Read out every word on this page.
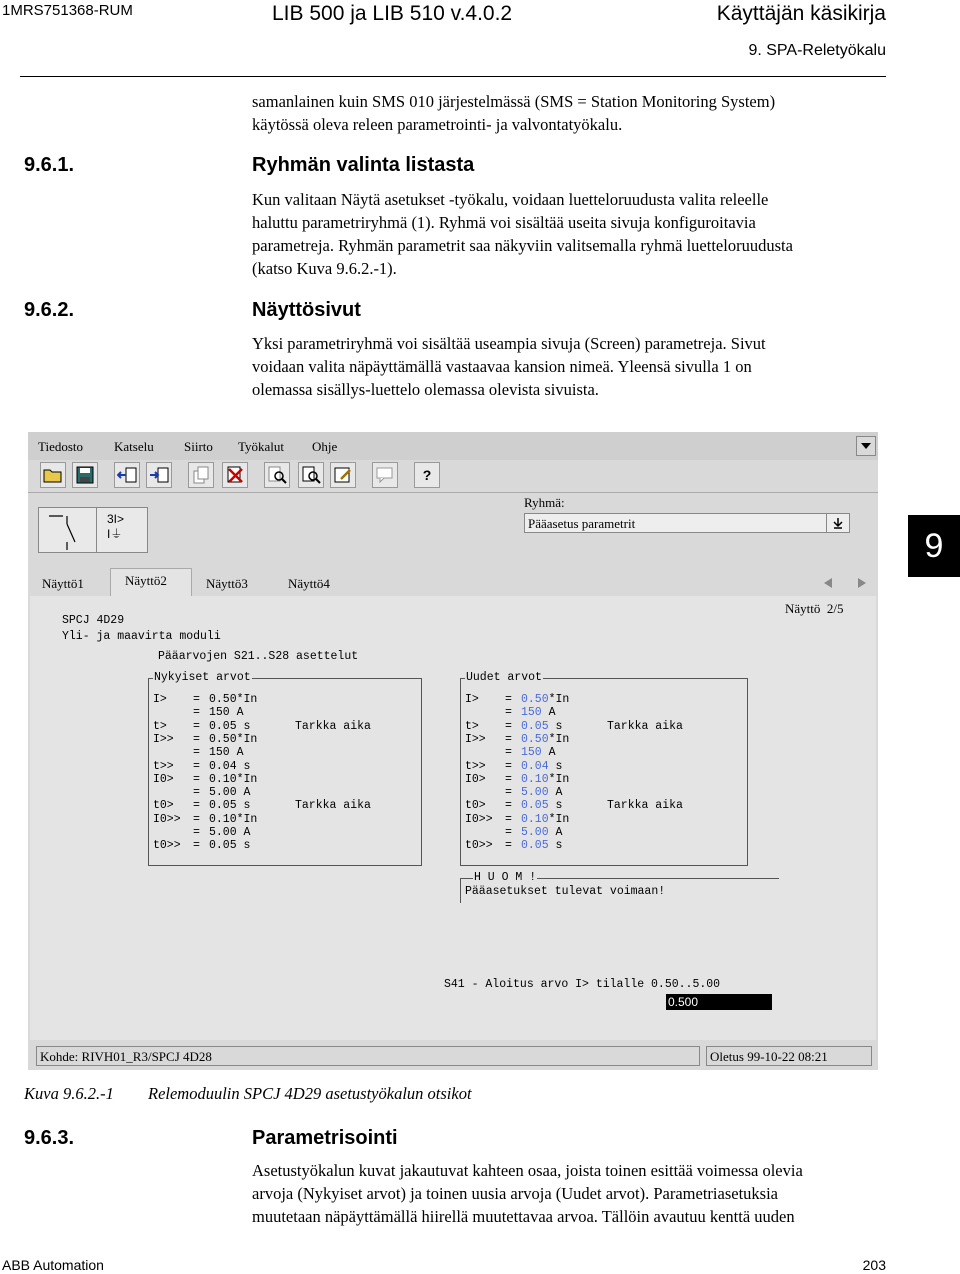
1MRS751368-RUM	LIB 500 ja LIB 510 v.4.0.2	Käyttäjän käsikirja
9. SPA-Reletyökalu
samanlainen kuin SMS 010 järjestelmässä (SMS = Station Monitoring System)
käytössä oleva releen parametrointi- ja valvontatyökalu.
9.6.1.	Ryhmän valinta listasta
Kun valitaan Näytä asetukset -työkalu, voidaan luetteloruudusta valita releelle
haluttu parametriryhmä (1). Ryhmä voi sisältää useita sivuja konfiguroitavia
parametreja. Ryhmän parametrit saa näkyviin valitsemalla ryhmä luetteloruudusta
(katso Kuva 9.6.2.-1).
9.6.2.	Näyttösivut
Yksi parametriryhmä voi sisältää useampia sivuja (Screen) parametreja. Sivut
voidaan valita näpäyttämällä vastaavaa kansion nimeä. Yleensä sivulla 1 on
olemassa sisällys-luettelo olemassa olevista sivuista.
9
Tiedosto Katselu Siirto Työkalut Ohje
?
3I>
I⏚
Ryhmä:
Pääasetus parametrit
Näyttö1	Näyttö2	Näyttö3	Näyttö4
Näyttö  2/5
SPCJ 4D29
Yli- ja maavirta moduli
Pääarvojen S21..S28 asettelut
Nykyiset arvot
I> = 0.50 *In
= 150 A
t> = 0.05 s	Tarkka aika
I>> = 0.50 *In
= 150 A
t>> = 0.04 s
I0> = 0.10 *In
= 5.00 A
t0> = 0.05 s	Tarkka aika
I0>> = 0.10 *In
= 5.00 A
t0>> = 0.05 s
Uudet arvot
I> = 0.50 *In
= 150 A
t> = 0.05 s	Tarkka aika
I>> = 0.50 *In
= 150 A
t>> = 0.04 s
I0> = 0.10 *In
= 5.00 A
t0> = 0.05 s	Tarkka aika
I0>> = 0.10 *In
= 5.00 A
t0>> = 0.05 s
H U O M !
Pääasetukset tulevat voimaan!
S41 - Aloitus arvo I> tilalle 0.50..5.00
0.500
Kohde: RIVH01_R3/SPCJ 4D28	Oletus 99-10-22 08:21
Kuva 9.6.2.-1 Relemoduulin SPCJ 4D29 asetustyökalun otsikot
9.6.3.	Parametrisointi
Asetustyökalun kuvat jakautuvat kahteen osaa, joista toinen esittää voimessa olevia
arvoja (Nykyiset arvot) ja toinen uusia arvoja (Uudet arvot). Parametriasetuksia
muutetaan näpäyttämällä hiirellä muutettavaa arvoa. Tällöin avautuu kenttä uuden
ABB Automation	203
